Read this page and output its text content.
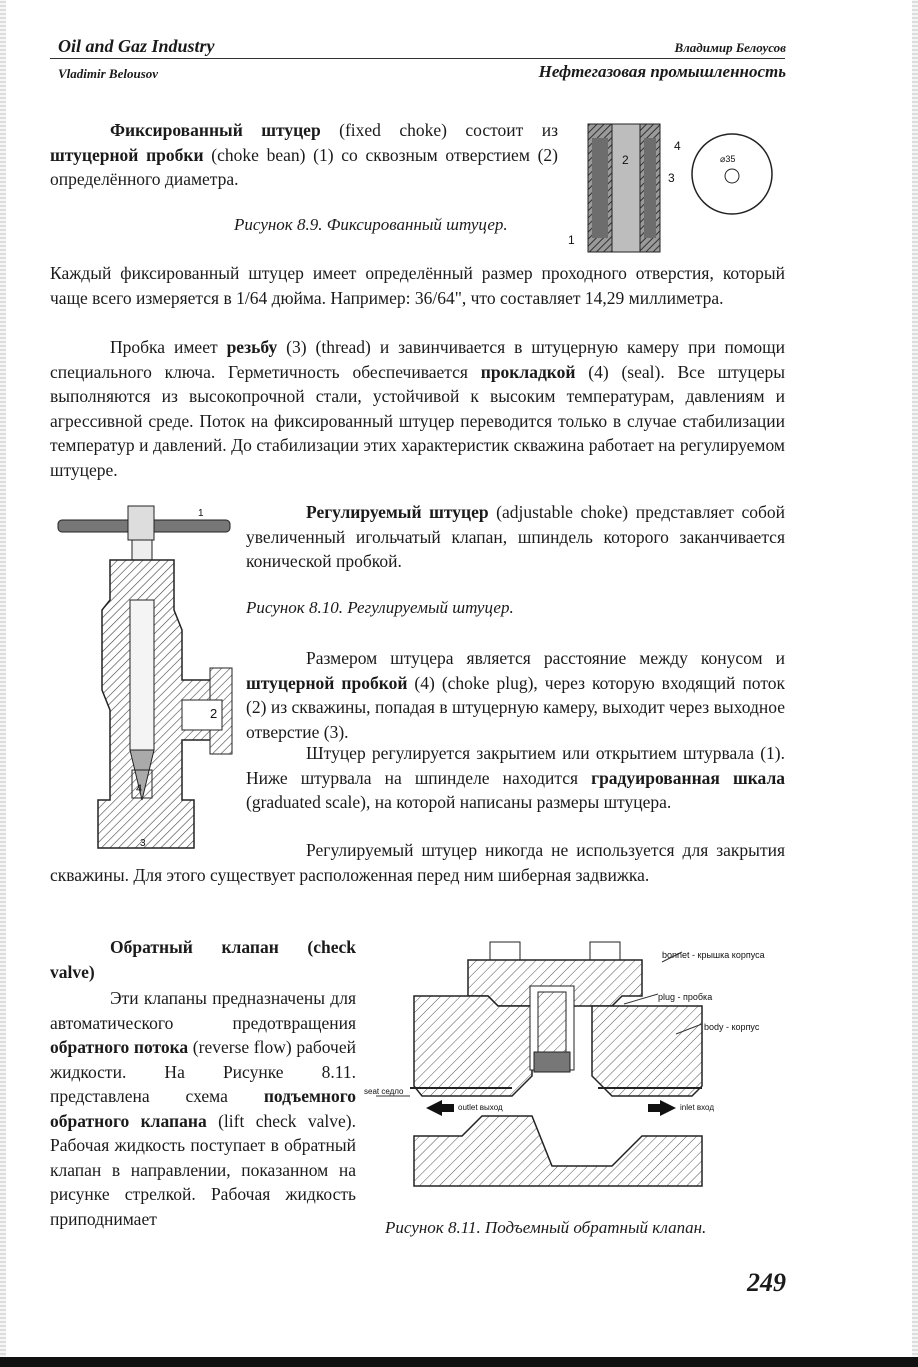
Oil and Gaz Industry	Владимир Белоусов
Vladimir Belousov	Нефтегазовая промышленность
Фиксированный штуцер (fixed choke) состоит из штуцерной пробки (choke bean) (1) со сквозным отверстием (2) определённого диаметра.
Рисунок 8.9. Фиксированный штуцер.
2
3
4
1
⌀35
Каждый фиксированный штуцер имеет определённый размер проходного отверстия, который чаще всего измеряется в 1/64 дюйма. Например: 36/64", что составляет 14,29 миллиметра.
Пробка имеет резьбу (3) (thread) и завинчивается в штуцерную камеру при помощи специального ключа. Герметичность обеспечивается прокладкой (4) (seal). Все штуцеры выполняются из высокопрочной стали, устойчивой к высоким температурам, давлениям и агрессивной среде. Поток на фиксированный штуцер переводится только в случае стабилизации температур и давлений. До стабилизации этих характеристик скважина работает на регулируемом штуцере.
1
2
3
4
Регулируемый штуцер (adjustable choke) представляет собой увеличенный игольчатый клапан, шпиндель которого заканчивается конической пробкой.
Рисунок 8.10. Регулируемый штуцер.
Размером штуцера является расстояние между конусом и штуцерной пробкой (4) (choke plug), через которую входящий поток (2) из скважины, попадая в штуцерную камеру, выходит через выходное отверстие (3).
Штуцер регулируется закрытием или открытием штурвала (1). Ниже штурвала на шпинделе находится градуированная шкала (graduated scale), на которой написаны размеры штуцера.
Регулируемый штуцер никогда не используется для закрытия скважины. Для этого существует расположенная перед ним шиберная задвижка.
Обратный клапан (check valve)
Эти клапаны предназначены для автоматического предотвращения обратного потока (reverse flow) рабочей жидкости. На Рисунке 8.11. представлена схема подъемного обратного клапана (lift check valve). Рабочая жидкость поступает в обратный клапан в направлении, показанном на рисунке стрелкой. Рабочая жидкость приподнимает
bonnet - крышка корпуса
plug - пробка
body - корпус
seat седло
outlet выход	inlet вход
Рисунок 8.11. Подъемный обратный клапан.
249
